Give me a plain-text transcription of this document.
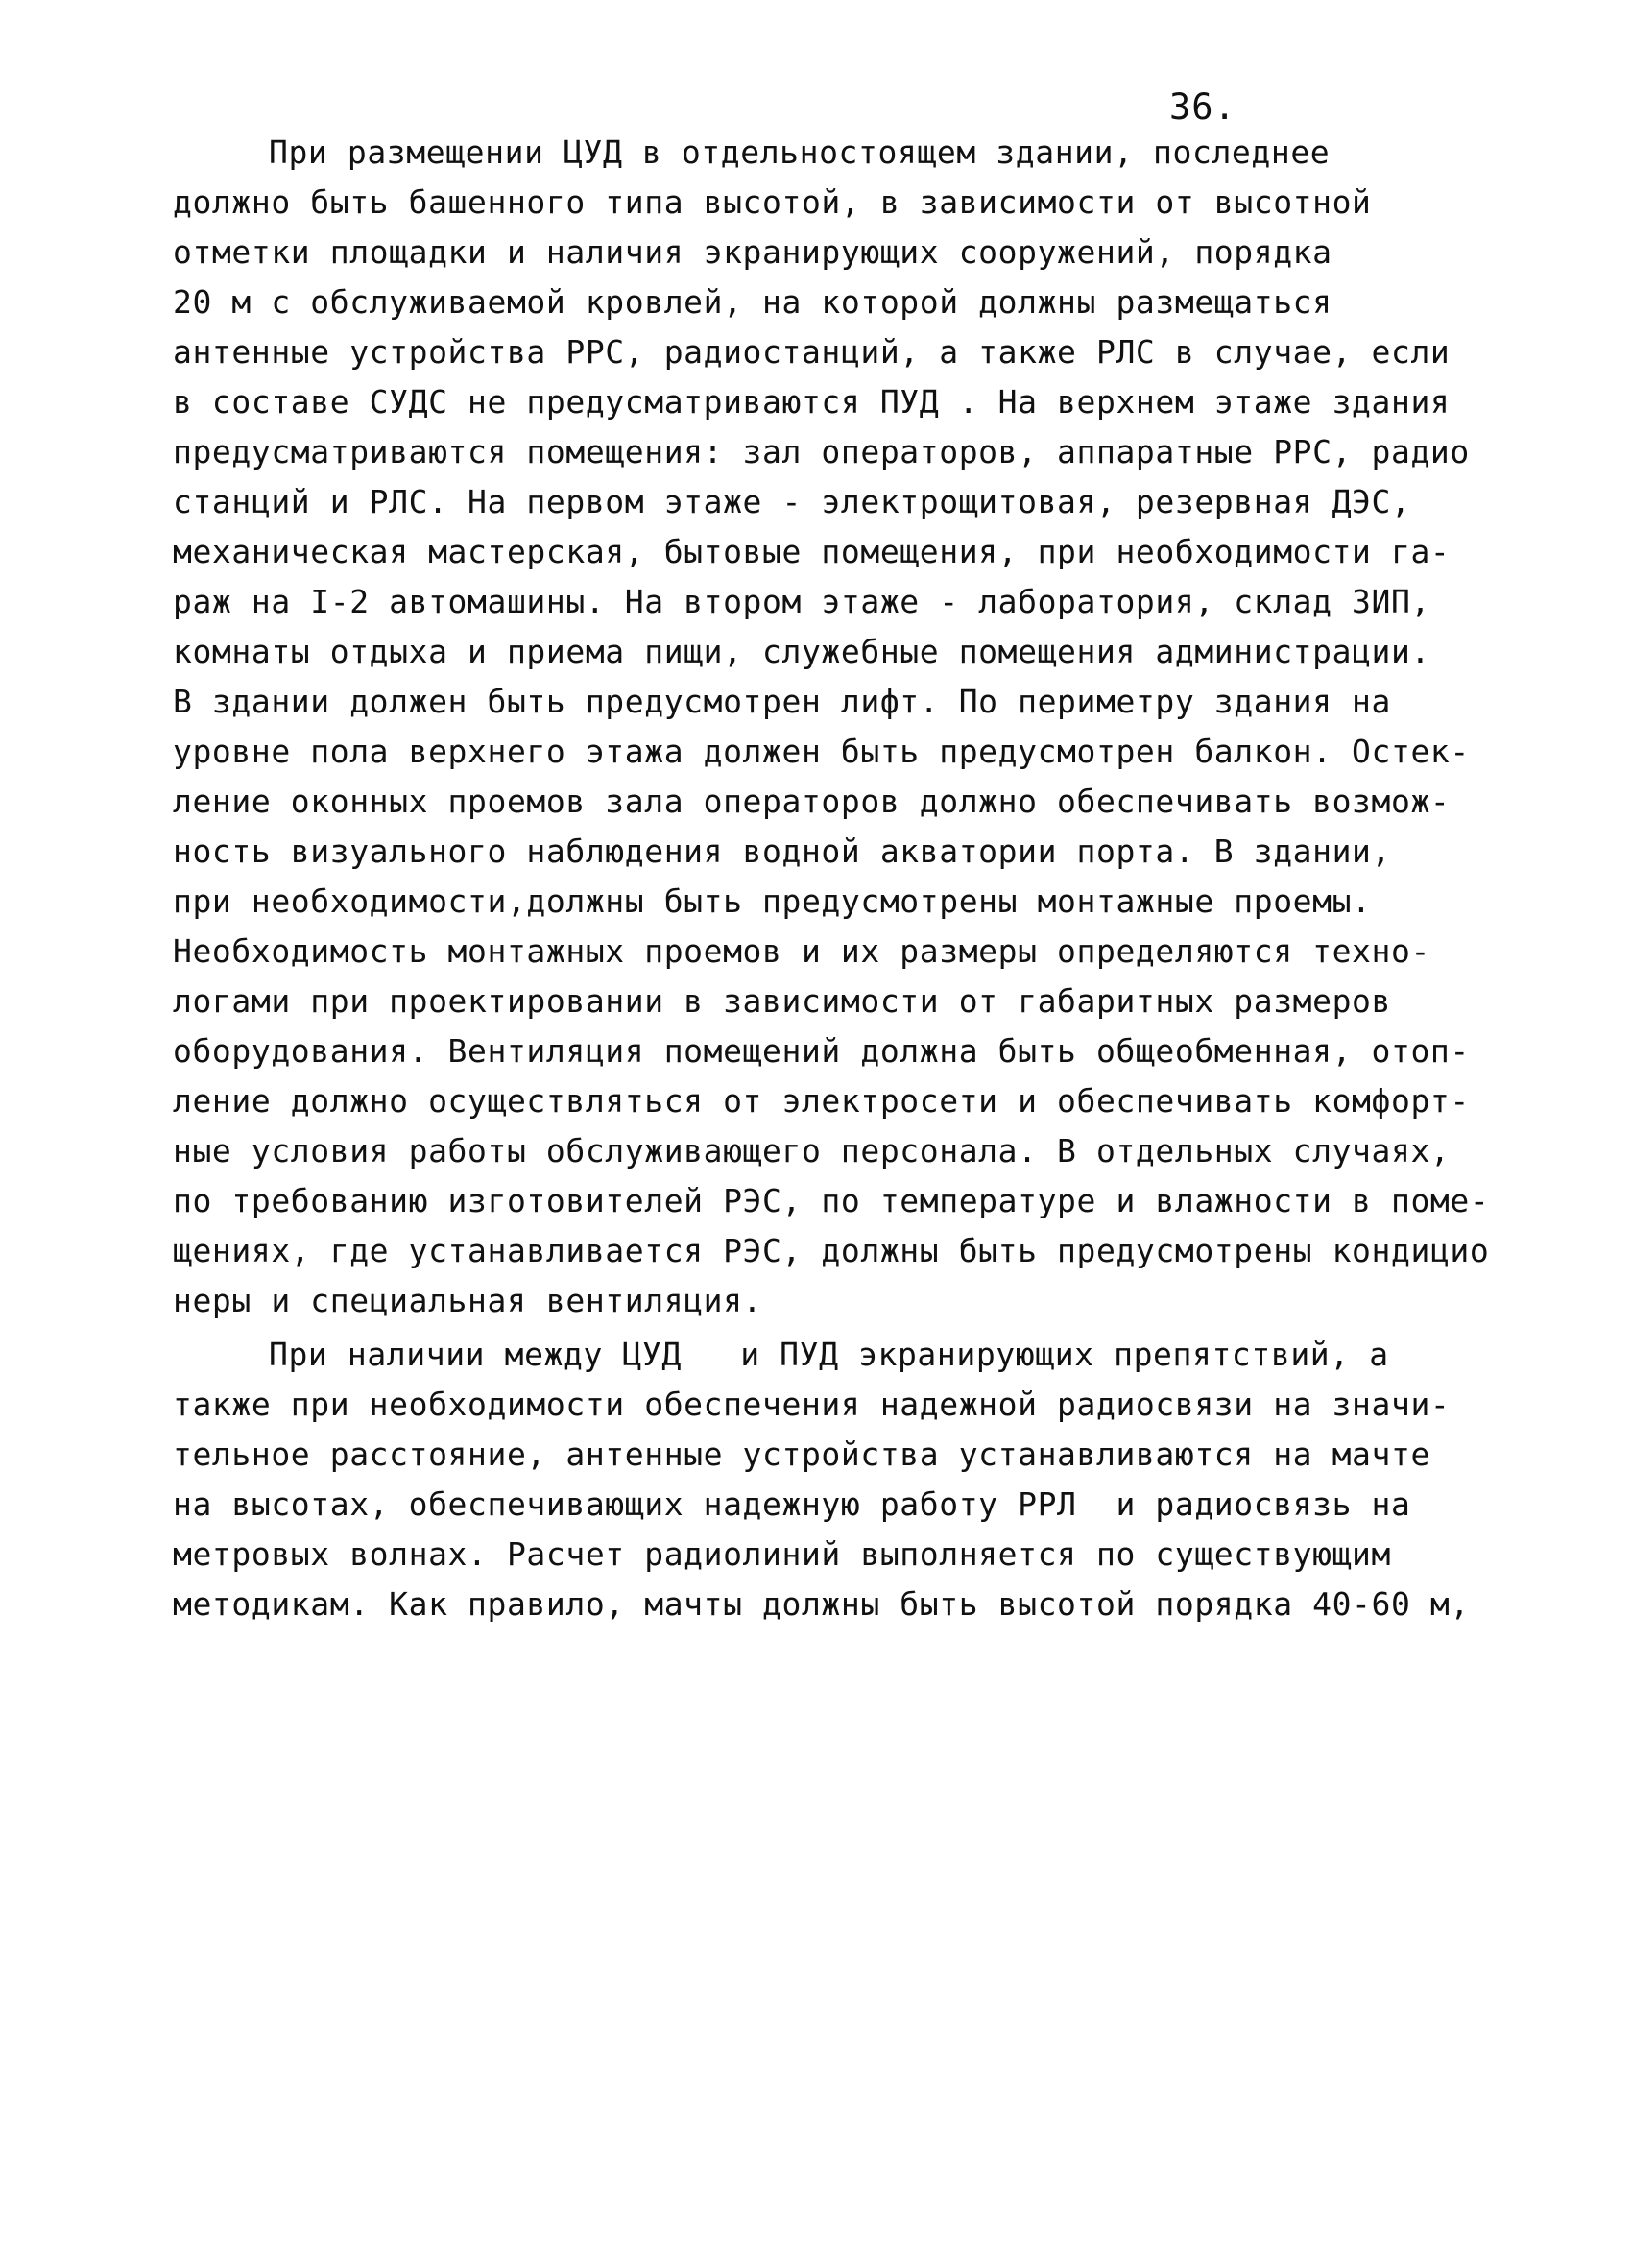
36.
При размещении ЦУД в отдельностоящем здании, последнее
должно быть башенного типа высотой, в зависимости от высотной
отметки площадки и наличия экранирующих сооружений, порядка
20 м с обслуживаемой кровлей, на которой должны размещаться
антенные устройства РРС, радиостанций, а также РЛС в случае, если
в составе СУДС не предусматриваются ПУД . На верхнем этаже здания
предусматриваются помещения: зал операторов, аппаратные РРС, радио
станций и РЛС. На первом этаже - электрощитовая, резервная ДЭС,
механическая мастерская, бытовые помещения, при необходимости га-
раж на I-2 автомашины. На втором этаже - лаборатория, склад ЗИП,
комнаты отдыха и приема пищи, служебные помещения администрации.
В здании должен быть предусмотрен лифт. По периметру здания на
уровне пола верхнего этажа должен быть предусмотрен балкон. Остек-
ление оконных проемов зала операторов должно обеспечивать возмож-
ность визуального наблюдения водной акватории порта. В здании,
при необходимости,должны быть предусмотрены монтажные проемы.
Необходимость монтажных проемов и их размеры определяются техно-
логами при проектировании в зависимости от габаритных размеров
оборудования. Вентиляция помещений должна быть общеобменная, отоп-
ление должно осуществляться от электросети и обеспечивать комфорт-
ные условия работы обслуживающего персонала. В отдельных случаях,
по требованию изготовителей РЭС, по температуре и влажности в поме-
щениях, где устанавливается РЭС, должны быть предусмотрены кондицио
неры и специальная вентиляция.
При наличии между ЦУД   и ПУД экранирующих препятствий, а
также при необходимости обеспечения надежной радиосвязи на значи-
тельное расстояние, антенные устройства устанавливаются на мачте
на высотах, обеспечивающих надежную работу РРЛ  и радиосвязь на
метровых волнах. Расчет радиолиний выполняется по существующим
методикам. Как правило, мачты должны быть высотой порядка 40-60 м,
